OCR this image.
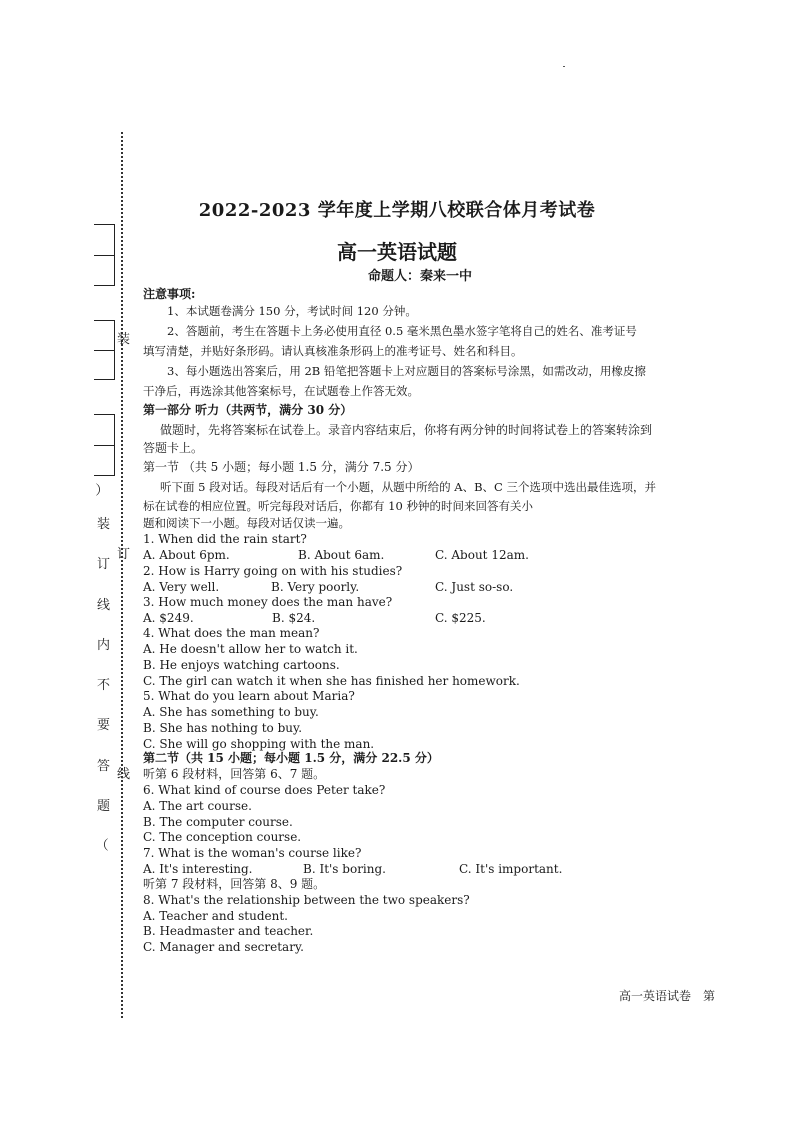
装
订
线
︵
装
订
线
内
不
要
答
题
︶
2022-2023 学年度上学期八校联合体月考试卷
高一英语试题
命题人：秦来一中
注意事项:
1、本试题卷满分 150 分，考试时间 120 分钟。
2、答题前，考生在答题卡上务必使用直径 0.5 毫米黑色墨水签字笔将自己的姓名、准考证号
填写清楚，并贴好条形码。请认真核准条形码上的准考证号、姓名和科目。
3、每小题选出答案后，用 2B 铅笔把答题卡上对应题目的答案标号涂黑，如需改动，用橡皮擦
干净后，再选涂其他答案标号，在试题卷上作答无效。
第一部分 听力（共两节，满分 30 分）
做题时，先将答案标在试卷上。录音内容结束后，你将有两分钟的时间将试卷上的答案转涂到
答题卡上。
第一节 （共 5 小题；每小题 1.5 分，满分 7.5 分）
听下面 5 段对话。每段对话后有一个小题，从题中所给的 A、B、C 三个选项中选出最佳选项，并
标在试卷的相应位置。听完每段对话后，你都有 10 秒钟的时间来回答有关小
题和阅读下一小题。每段对话仅读一遍。
1. When did the rain start?
A. About 6pm.	B. About 6am.	C. About 12am.
2. How is Harry going on with his studies?
A. Very well.	B. Very poorly.	C. Just so-so.
3. How much money does the man have?
A. $249.	B. $24.	C. $225.
4. What does the man mean?
A. He doesn't allow her to watch it.
B. He enjoys watching cartoons.
C. The girl can watch it when she has finished her homework.
5. What do you learn about Maria?
A. She has something to buy.
B. She has nothing to buy.
C. She will go shopping with the man.
第二节（共 15 小题；每小题 1.5 分，满分 22.5 分）
听第 6 段材料，回答第 6、7 题。
6. What kind of course does Peter take?
A. The art course.
B. The computer course.
C. The conception course.
7. What is the woman's course like?
A. It's interesting.	B. It's boring.	C. It's important.
听第 7 段材料，回答第 8、9 题。
8. What's the relationship between the two speakers?
A. Teacher and student.
B. Headmaster and teacher.
C. Manager and secretary.
高一英语试卷　第
